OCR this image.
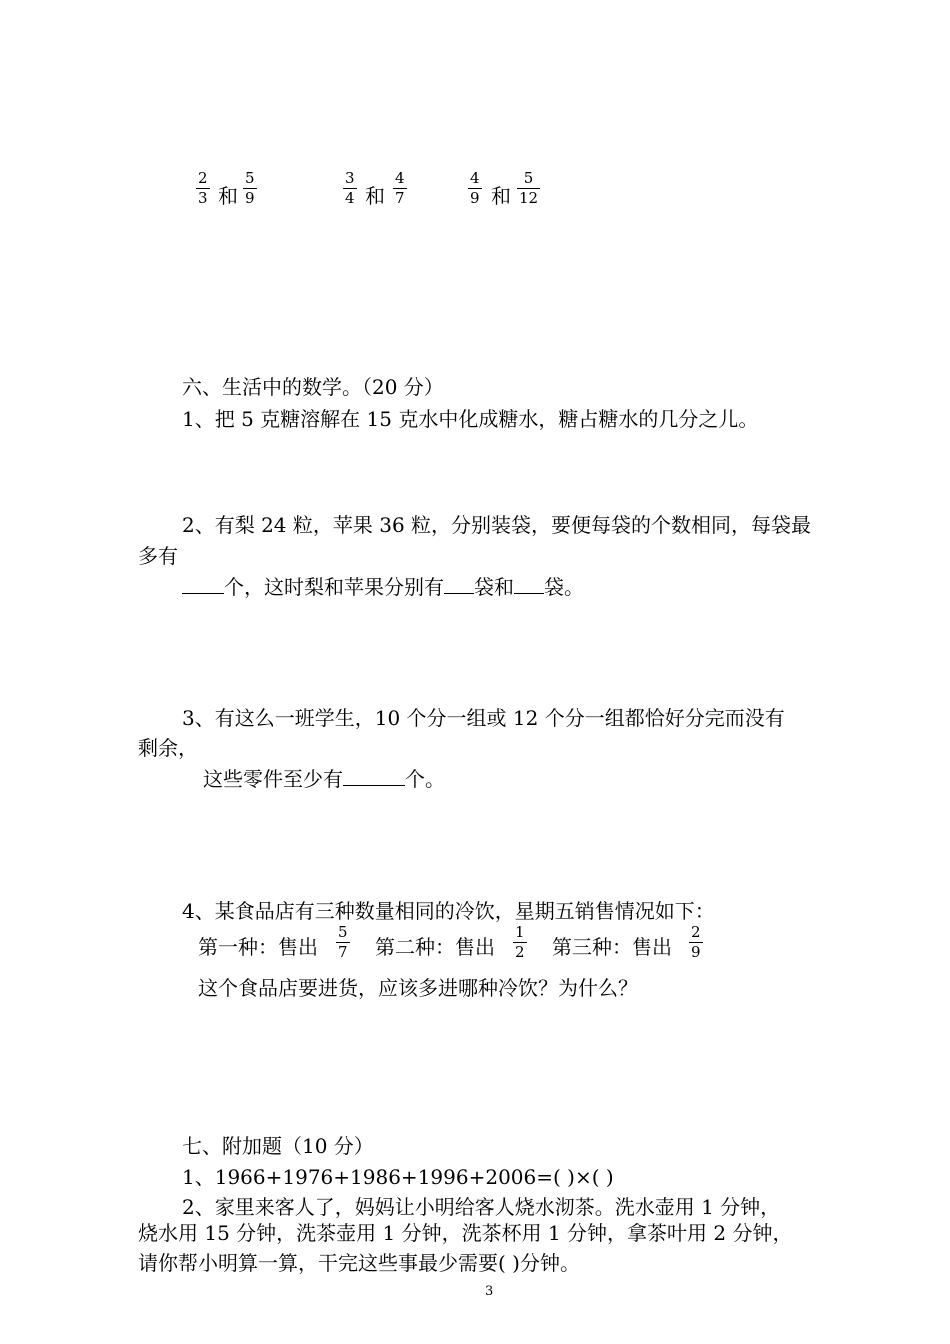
2
3 和
5
9
3
4 和
4
7
4
9 和
5
12
六、生活中的数学。（20 分）
1、把 5 克糖溶解在 15 克水中化成糖水，糖占糖水的几分之儿。
2、有梨 24 粒，苹果 36 粒，分别装袋，要便每袋的个数相同，每袋最
多有
个，这时梨和苹果分别有 袋和 袋。
3、有这么一班学生，10 个分一组或 12 个分一组都恰好分完而没有
剩余，
这些零件至少有	个。
4、某食品店有三种数量相同的冷饮，星期五销售情况如下：
第一种：售出
5
7 第二种：售出
1
2 第三种：售出
2
9
这个食品店要进货，应该多进哪种冷饮？为什么？
七、附加题（10 分）
1、1966+1976+1986+1996+2006=( )×( )
2、家里来客人了，妈妈让小明给客人烧水沏茶。洗水壶用 1 分钟，
烧水用 15 分钟，洗茶壶用 1 分钟，洗茶杯用 1 分钟，拿茶叶用 2 分钟，
请你帮小明算一算，干完这些事最少需要( )分钟。
3
